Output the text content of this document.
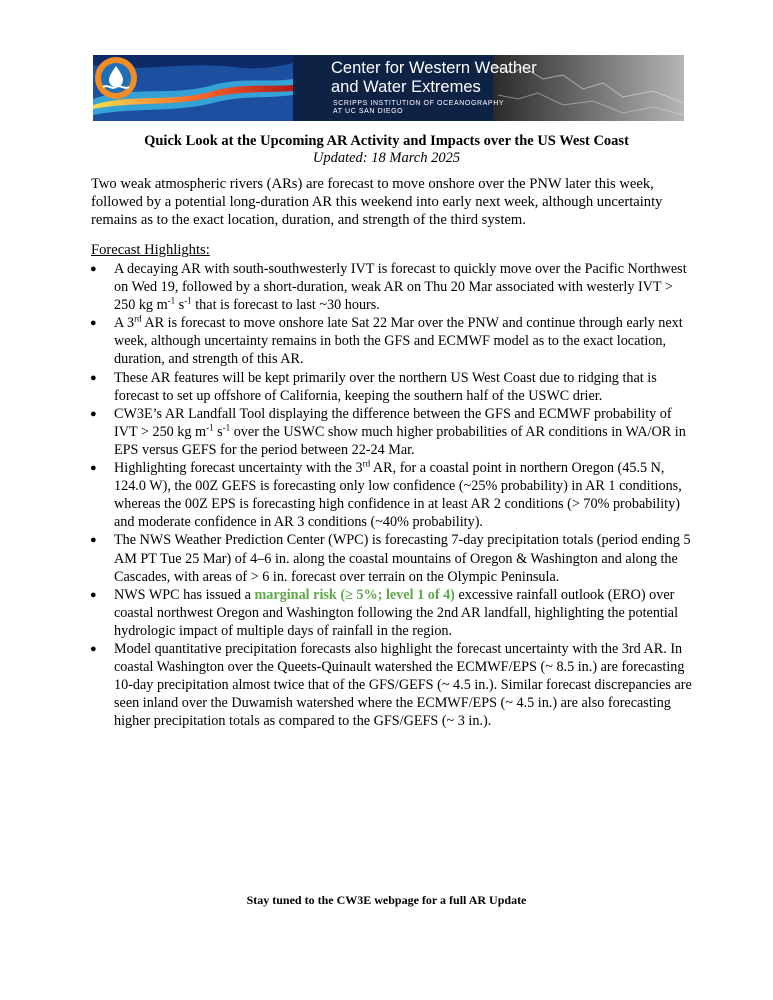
Center for Western Weather
and Water Extremes
SCRIPPS INSTITUTION OF OCEANOGRAPHY
AT UC SAN DIEGO
Quick Look at the Upcoming AR Activity and Impacts over the US West Coast
Updated: 18 March 2025

Two weak atmospheric rivers (ARs) are forecast to move onshore over the PNW later this week, followed by a potential long-duration AR this weekend into early next week, although uncertainty remains as to the exact location, duration, and strength of the third system.

Forecast Highlights:
● A decaying AR with south-southwesterly IVT is forecast to quickly move over the Pacific Northwest on Wed 19, followed by a short-duration, weak AR on Thu 20 Mar associated with westerly IVT > 250 kg $m^{-1}$ $s^{-1}$ that is forecast to last ~30 hours.
● A 3rd AR is forecast to move onshore late Sat 22 Mar over the PNW and continue through early next week, although uncertainty remains in both the GFS and ECMWF model as to the exact location, duration, and strength of this AR.
● These AR features will be kept primarily over the northern US West Coast due to ridging that is forecast to set up offshore of California, keeping the southern half of the USWC drier.
● CW3E’s AR Landfall Tool displaying the difference between the GFS and ECMWF probability of IVT > 250 kg $m^{-1}$ $s^{-1}$ over the USWC show much higher probabilities of AR conditions in WA/OR in EPS versus GEFS for the period between 22-24 Mar.
● Highlighting forecast uncertainty with the 3rd AR, for a coastal point in northern Oregon (45.5 N, 124.0 W), the 00Z GEFS is forecasting only low confidence (~25% probability) in AR 1 conditions, whereas the 00Z EPS is forecasting high confidence in at least AR 2 conditions (> 70% probability) and moderate confidence in AR 3 conditions (~40% probability).
● The NWS Weather Prediction Center (WPC) is forecasting 7-day precipitation totals (period ending 5 AM PT Tue 25 Mar) of 4–6 in. along the coastal mountains of Oregon & Washington and along the Cascades, with areas of > 6 in. forecast over terrain on the Olympic Peninsula.
● NWS WPC has issued a marginal risk (≥ 5%; level 1 of 4) excessive rainfall outlook (ERO) over coastal northwest Oregon and Washington following the 2nd AR landfall, highlighting the potential hydrologic impact of multiple days of rainfall in the region.
● Model quantitative precipitation forecasts also highlight the forecast uncertainty with the 3rd AR. In coastal Washington over the Queets-Quinault watershed the ECMWF/EPS (~ 8.5 in.) are forecasting 10-day precipitation almost twice that of the GFS/GEFS (~ 4.5 in.). Similar forecast discrepancies are seen inland over the Duwamish watershed where the ECMWF/EPS (~ 4.5 in.) are also forecasting higher precipitation totals as compared to the GFS/GEFS (~ 3 in.).
Stay tuned to the CW3E webpage for a full AR Update
